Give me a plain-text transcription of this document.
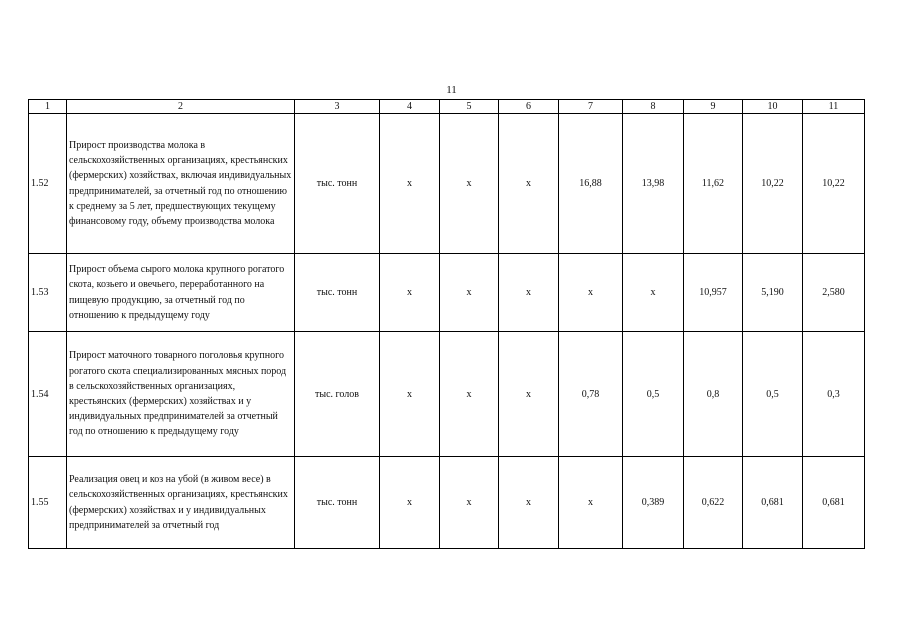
11
1	2	3	4	5	6	7	8	9	10	11
1.52	Прирост производства молока в сельскохозяйственных организациях, крестьянских (фермерских) хозяйствах, включая индивидуальных предпринимателей, за отчетный год по отношению к среднему за 5 лет, предшествующих текущему финансовому году, объему производства молока	тыс. тонн	х	х	х	16,88	13,98	11,62	10,22	10,22
1.53	Прирост объема сырого молока крупного рогатого скота, козьего и овечьего, переработанного на пищевую продукцию, за отчетный год по отношению к предыдущему году	тыс. тонн	х	х	х	х	х	10,957	5,190	2,580
1.54	Прирост маточного товарного поголовья крупного рогатого скота специализированных мясных пород в сельскохозяйственных организациях, крестьянских (фермерских) хозяйствах и у индивидуальных предпринимателей за отчетный год по отношению к предыдущему году	тыс. голов	х	х	х	0,78	0,5	0,8	0,5	0,3
1.55	Реализация овец и коз на убой (в живом весе) в сельскохозяйственных организациях, крестьянских (фермерских) хозяйствах и у индивидуальных предпринимателей за отчетный год	тыс. тонн	х	х	х	х	0,389	0,622	0,681	0,681
